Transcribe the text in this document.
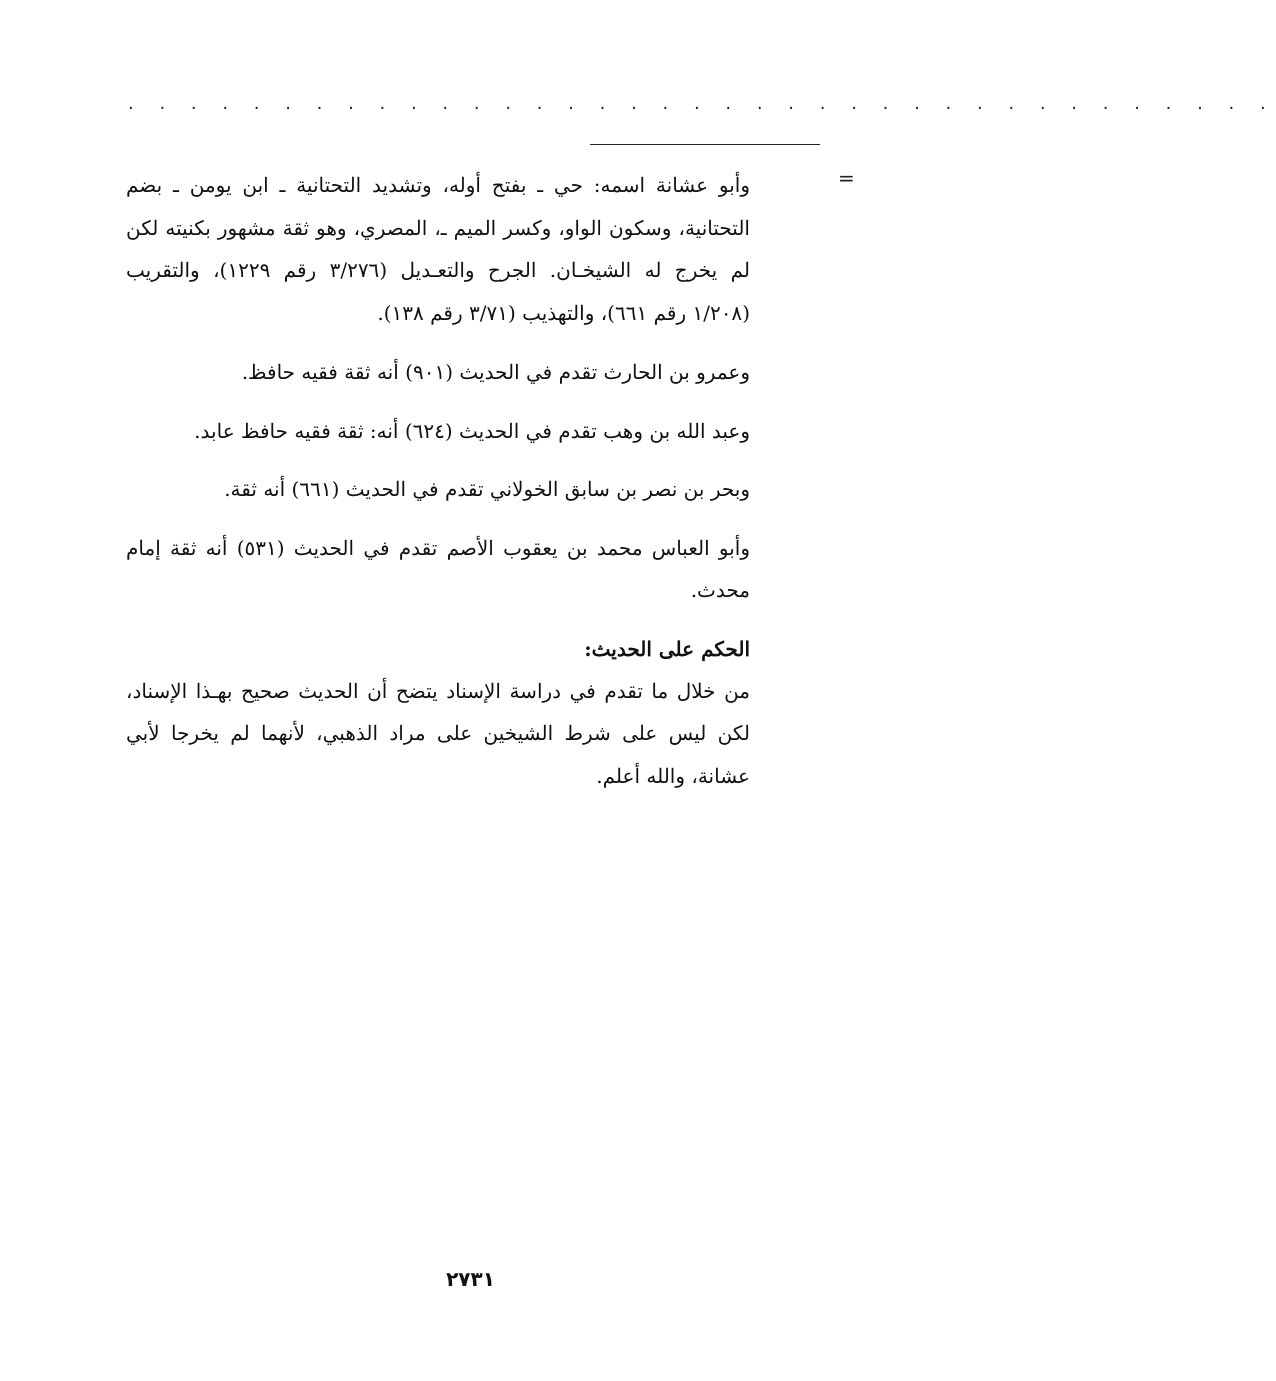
. . . . . . . . . . . . . . . . . . . . . . . . . . . . . . . . . . . . .
=

وأبو عشانة اسمه: حي ـ بفتح أوله، وتشديد التحتانية ـ ابن يومن ـ بضم التحتانية، وسكون الواو، وكسر الميم ـ، المصري، وهو ثقة مشهور بكنيته لكن لم يخرج له الشيخـان. الجرح والتعـديل (٣/٢٧٦ رقم ١٢٢٩)، والتقريب (١/٢٠٨ رقم ٦٦١)، والتهذيب (٣/٧١ رقم ١٣٨).

وعمرو بن الحارث تقدم في الحديث (٩٠١) أنه ثقة فقيه حافظ.

وعبد الله بن وهب تقدم في الحديث (٦٢٤) أنه: ثقة فقيه حافظ عابد.

وبحر بن نصر بن سابق الخولاني تقدم في الحديث (٦٦١) أنه ثقة.

وأبو العباس محمد بن يعقوب الأصم تقدم في الحديث (٥٣١) أنه ثقة إمام محدث.

الحكم على الحديث:

من خلال ما تقدم في دراسة الإسناد يتضح أن الحديث صحيح بهـذا الإسناد، لكن ليس على شرط الشيخين على مراد الذهبي، لأنهما لم يخرجا لأبي عشانة، والله أعلم.

٢٧٣١
